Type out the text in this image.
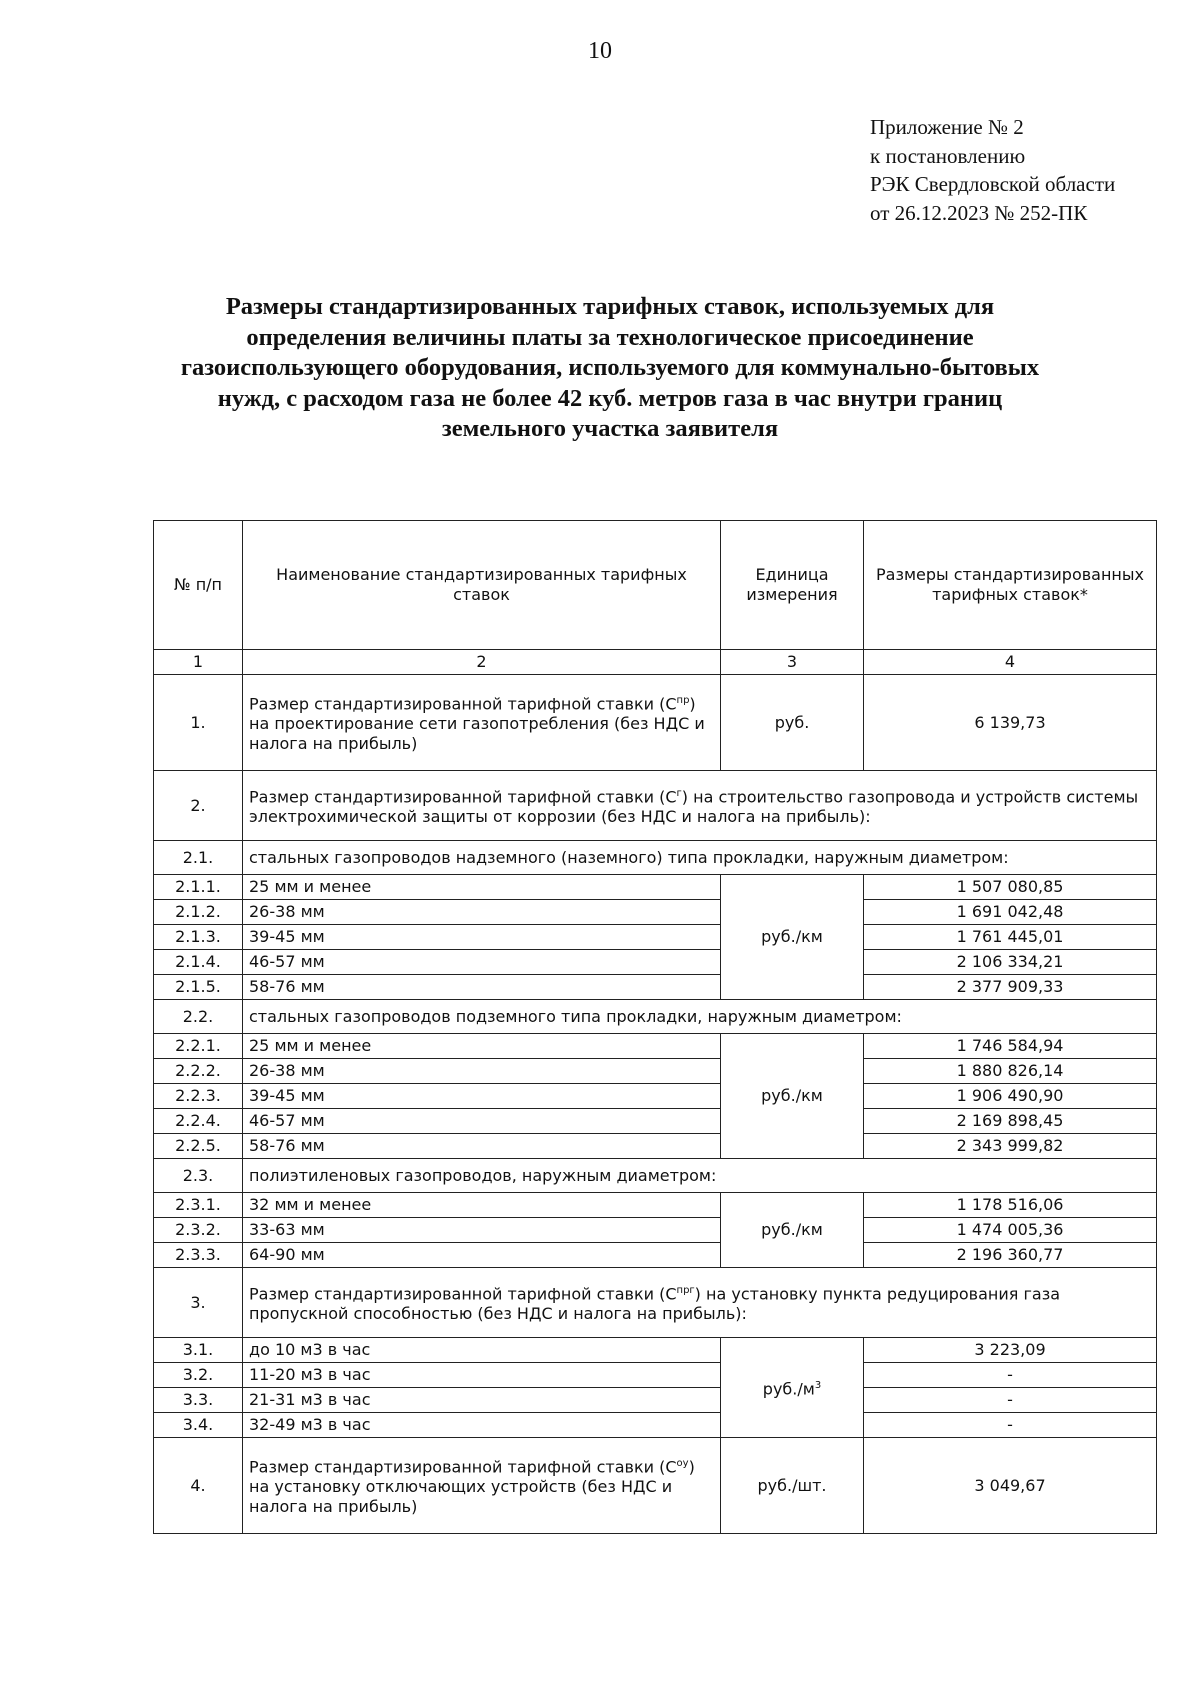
10
Приложение № 2
к постановлению
РЭК Свердловской области
от 26.12.2023 № 252-ПК
Размеры стандартизированных тарифных ставок, используемых для
определения величины платы за технологическое присоединение
газоиспользующего оборудования, используемого для коммунально-бытовых
нужд, с расходом газа не более 42 куб. метров газа в час внутри границ
земельного участка заявителя
№ п/п	Наименование стандартизированных тарифных ставок	Единица измерения	Размеры стандартизированных тарифных ставок*
1	2	3	4
1.	Размер стандартизированной тарифной ставки $(С^{пр})$ на проектирование сети газопотребления (без НДС и налога на прибыль)	руб.	6 139,73
2.	Размер стандартизированной тарифной ставки $(С^г)$ на строительство газопровода и устройств системы электрохимической защиты от коррозии (без НДС и налога на прибыль):		
2.1.	стальных газопроводов надземного (наземного) типа прокладки, наружным диаметром:		
2.1.1.	25 мм и менее	руб./км	1 507 080,85
2.1.2.	26-38 мм		1 691 042,48
2.1.3.	39-45 мм		1 761 445,01
2.1.4.	46-57 мм		2 106 334,21
2.1.5.	58-76 мм		2 377 909,33
2.2.	стальных газопроводов подземного типа прокладки, наружным диаметром:		
2.2.1.	25 мм и менее	руб./км	1 746 584,94
2.2.2.	26-38 мм		1 880 826,14
2.2.3.	39-45 мм		1 906 490,90
2.2.4.	46-57 мм		2 169 898,45
2.2.5.	58-76 мм		2 343 999,82
2.3.	полиэтиленовых газопроводов, наружным диаметром:		
2.3.1.	32 мм и менее	руб./км	1 178 516,06
2.3.2.	33-63 мм		1 474 005,36
2.3.3.	64-90 мм		2 196 360,77
3.	Размер стандартизированной тарифной ставки $(С^{прг})$ на установку пункта редуцирования газа пропускной способностью (без НДС и налога на прибыль):		
3.1.	до 10 м3 в час	$руб./м^3$	3 223,09
3.2.	11-20 м3 в час		-
3.3.	21-31 м3 в час		-
3.4.	32-49 м3 в час		-
4.	Размер стандартизированной тарифной ставки $(С^{оу})$ на установку отключающих устройств (без НДС и налога на прибыль)	руб./шт.	3 049,67
